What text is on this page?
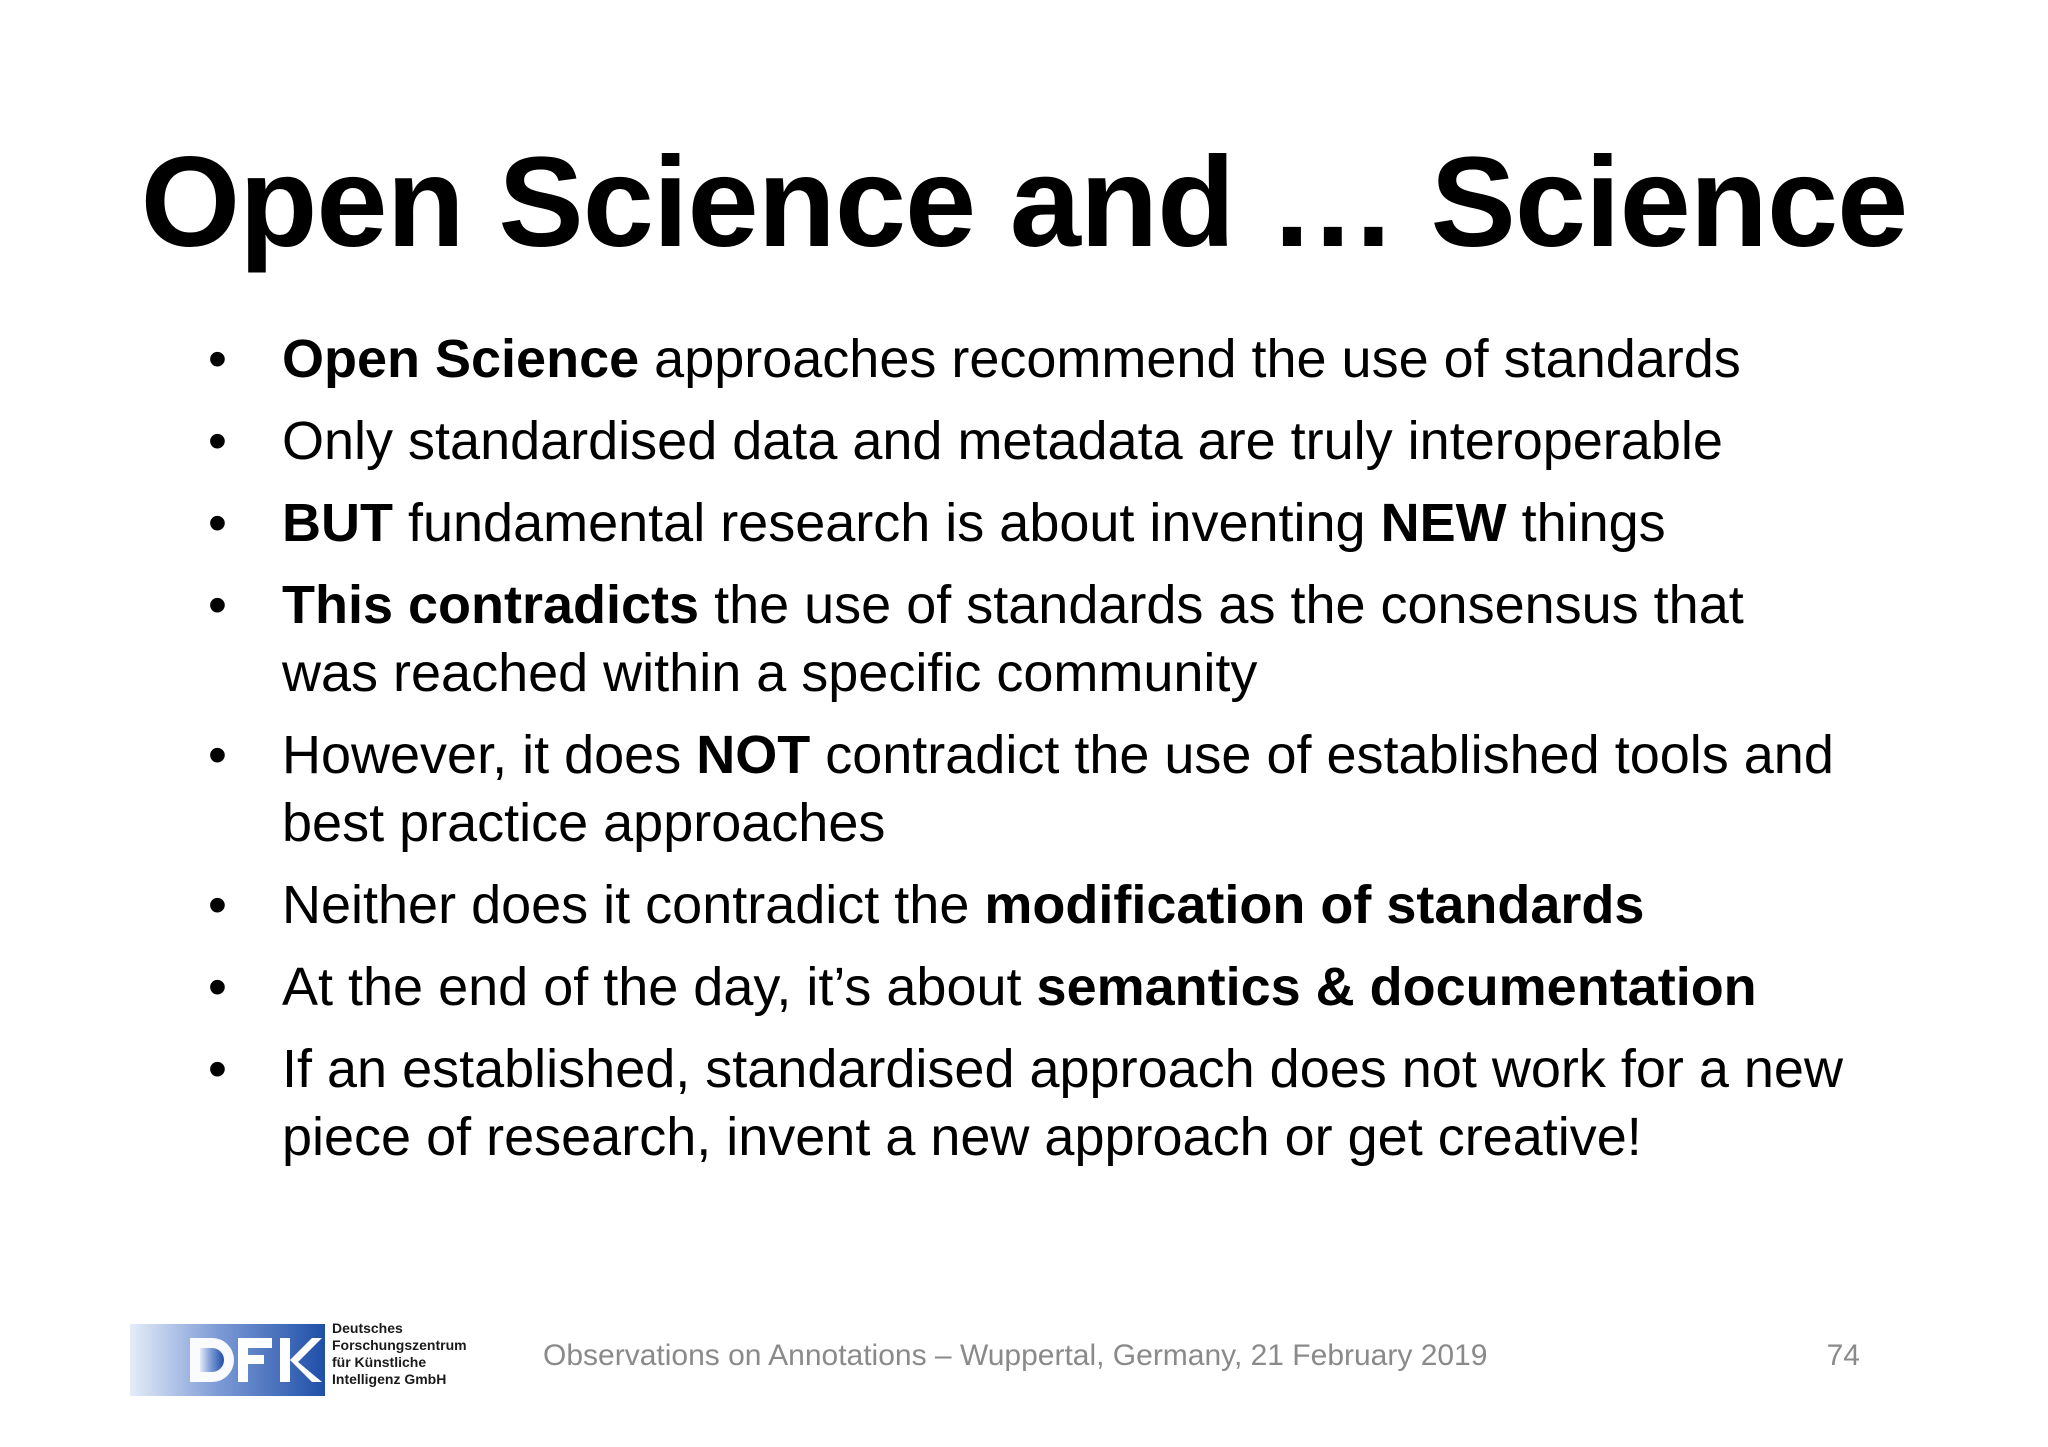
Open Science and … Science
•	Open Science approaches recommend the use of standards
•	Only standardised data and metadata are truly interoperable
•	BUT fundamental research is about inventing NEW things
•	This contradicts the use of standards as the consensus that was reached within a specific community
•	However, it does NOT contradict the use of established tools and best practice approaches
•	Neither does it contradict the modification of standards
•	At the end of the day, it’s about semantics & documentation
•	If an established, standardised approach does not work for a new piece of research, invent a new approach or get creative!
Deutsches
Forschungszentrum
für Künstliche
Intelligenz GmbH
Observations on Annotations – Wuppertal, Germany, 21 February 2019	74
